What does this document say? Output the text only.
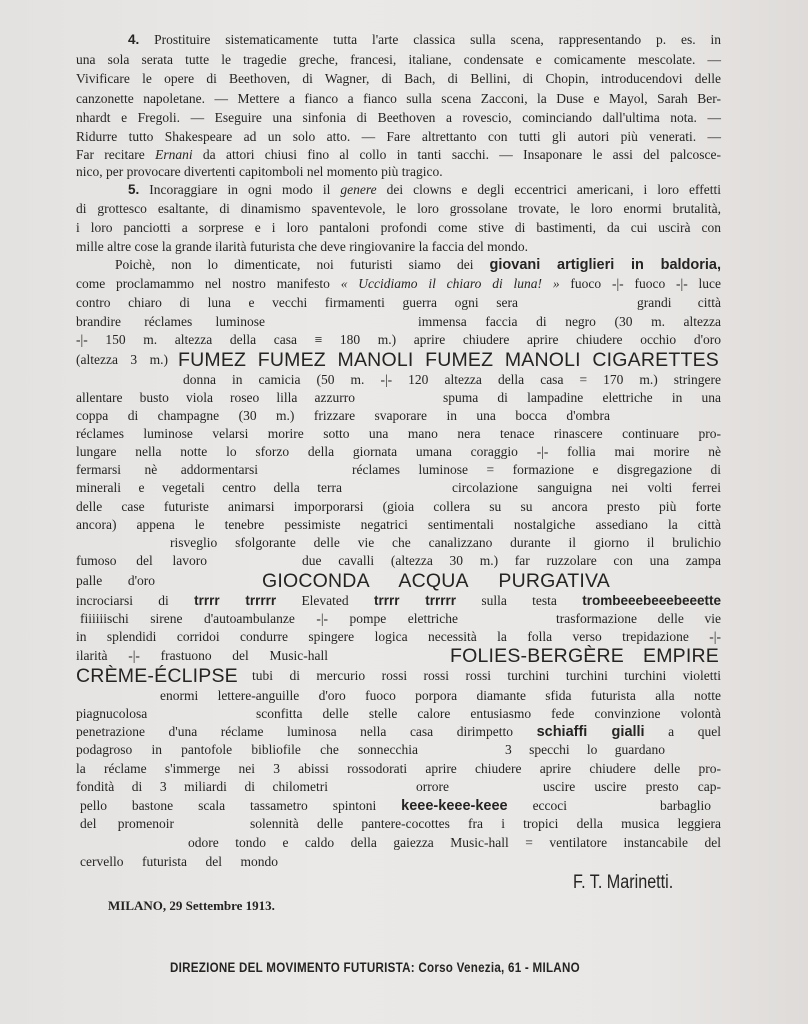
4. Prostituire sistematicamente tutta l'arte classica sulla scena, rappresentando p. es. in
una sola serata tutte le tragedie greche, francesi, italiane, condensate e comicamente mescolate. —
Vivificare le opere di Beethoven, di Wagner, di Bach, di Bellini, di Chopin, introducendovi delle
canzonette napoletane. — Mettere a fianco a fianco sulla scena Zacconi, la Duse e Mayol, Sarah Ber-
nhardt e Fregoli. — Eseguire una sinfonia di Beethoven a rovescio, cominciando dall'ultima nota. —
Ridurre tutto Shakespeare ad un solo atto. — Fare altrettanto con tutti gli autori più venerati. —
Far recitare Ernani da attori chiusi fino al collo in tanti sacchi. — Insaponare le assi del palcosce-
nico, per provocare divertenti capitomboli nel momento più tragico.
5. Incoraggiare in ogni modo il genere dei clowns e degli eccentrici americani, i loro effetti
di grottesco esaltante, di dinamismo spaventevole, le loro grossolane trovate, le loro enormi brutalità,
i loro panciotti a sorprese e i loro pantaloni profondi come stive di bastimenti, da cui uscirà con
mille altre cose la grande ilarità futurista che deve ringiovanire la faccia del mondo.
Poichè, non lo dimenticate, noi futuristi siamo dei giovani artiglieri in baldoria,
come proclamammo nel nostro manifesto « Uccidiamo il chiaro di luna! » fuoco -|- fuoco -|- luce
contro chiaro di luna e vecchi firmamenti guerra ogni sera	grandi città
brandire réclames luminose	immensa faccia di negro (30 m. altezza
-|- 150 m. altezza della casa ≡ 180 m.) aprire chiudere aprire chiudere occhio d'oro
(altezza 3 m.) FUMEZ FUMEZ MANOLI FUMEZ MANOLI CIGARETTES
donna in camicia (50 m. -|- 120 altezza della casa = 170 m.) stringere
allentare busto viola roseo lilla azzurro	spuma di lampadine elettriche in una
coppa di champagne (30 m.) frizzare svaporare in una bocca d'ombra
réclames luminose velarsi morire sotto una mano nera tenace rinascere continuare pro-
lungare nella notte lo sforzo della giornata umana coraggio -|- follia mai morire nè
fermarsi nè addormentarsi	réclames luminose = formazione e disgregazione di
minerali e vegetali centro della terra	circolazione sanguigna nei volti ferrei
delle case futuriste animarsi imporporarsi (gioia collera su su ancora presto più forte
ancora) appena le tenebre pessimiste negatrici sentimentali nostalgiche assediano la città
risveglio sfolgorante delle vie che canalizzano durante il giorno il brulichio
fumoso del lavoro	due cavalli (altezza 30 m.) far ruzzolare con una zampa
palle d'oro	GIOCONDA ACQUA PURGATIVA
incrociarsi di trrrr trrrrr Elevated trrrr trrrrr sulla testa trombeeebeeebeeette
fiiiiiischi sirene d'autoambulanze -|- pompe elettriche	trasformazione delle vie
in splendidi corridoi condurre spingere logica necessità la folla verso trepidazione -|-
ilarità -|- frastuono del Music-hall	FOLIES-BERGÈRE EMPIRE
CRÈME-ÉCLIPSE tubi di mercurio rossi rossi rossi turchini turchini turchini violetti
enormi lettere-anguille d'oro fuoco porpora diamante sfida futurista alla notte
piagnucolosa	sconfitta delle stelle calore entusiasmo fede convinzione volontà
penetrazione d'una réclame luminosa nella casa dirimpetto schiaffi gialli a quel
podagroso in pantofole bibliofile che sonnecchia	3 specchi lo guardano
la réclame s'immerge nei 3 abissi rossodorati aprire chiudere aprire chiudere delle pro-
fondità di 3 miliardi di chilometri	orrore	uscire uscire presto cap-
pello bastone scala tassametro spintoni keee-keee-keee eccoci	barbaglio
del promenoir	solennità delle pantere-cocottes fra i tropici della musica leggiera
odore tondo e caldo della gaiezza Music-hall = ventilatore instancabile del
cervello futurista del mondo
F. T. Marinetti.
MILANO, 29 Settembre 1913.
DIREZIONE DEL MOVIMENTO FUTURISTA: Corso Venezia, 61 - MILANO
